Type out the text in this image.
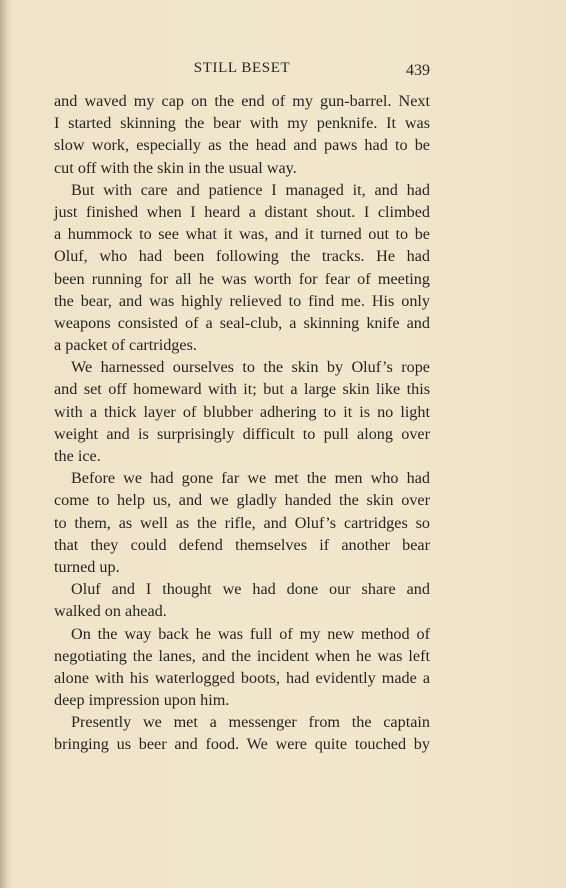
STILL BESET	439
and waved my cap on the end of my gun-barrel. Next
I started skinning the bear with my penknife. It was
slow work, especially as the head and paws had to be
cut off with the skin in the usual way.
But with care and patience I managed it, and had
just finished when I heard a distant shout. I climbed
a hummock to see what it was, and it turned out to be
Oluf, who had been following the tracks. He had
been running for all he was worth for fear of meeting
the bear, and was highly relieved to find me. His only
weapons consisted of a seal-club, a skinning knife and
a packet of cartridges.
We harnessed ourselves to the skin by Oluf’s rope
and set off homeward with it; but a large skin like this
with a thick layer of blubber adhering to it is no light
weight and is surprisingly difficult to pull along over
the ice.
Before we had gone far we met the men who had
come to help us, and we gladly handed the skin over
to them, as well as the rifle, and Oluf’s cartridges so
that they could defend themselves if another bear
turned up.
Oluf and I thought we had done our share and
walked on ahead.
On the way back he was full of my new method of
negotiating the lanes, and the incident when he was left
alone with his waterlogged boots, had evidently made a
deep impression upon him.
Presently we met a messenger from the captain
bringing us beer and food. We were quite touched by
